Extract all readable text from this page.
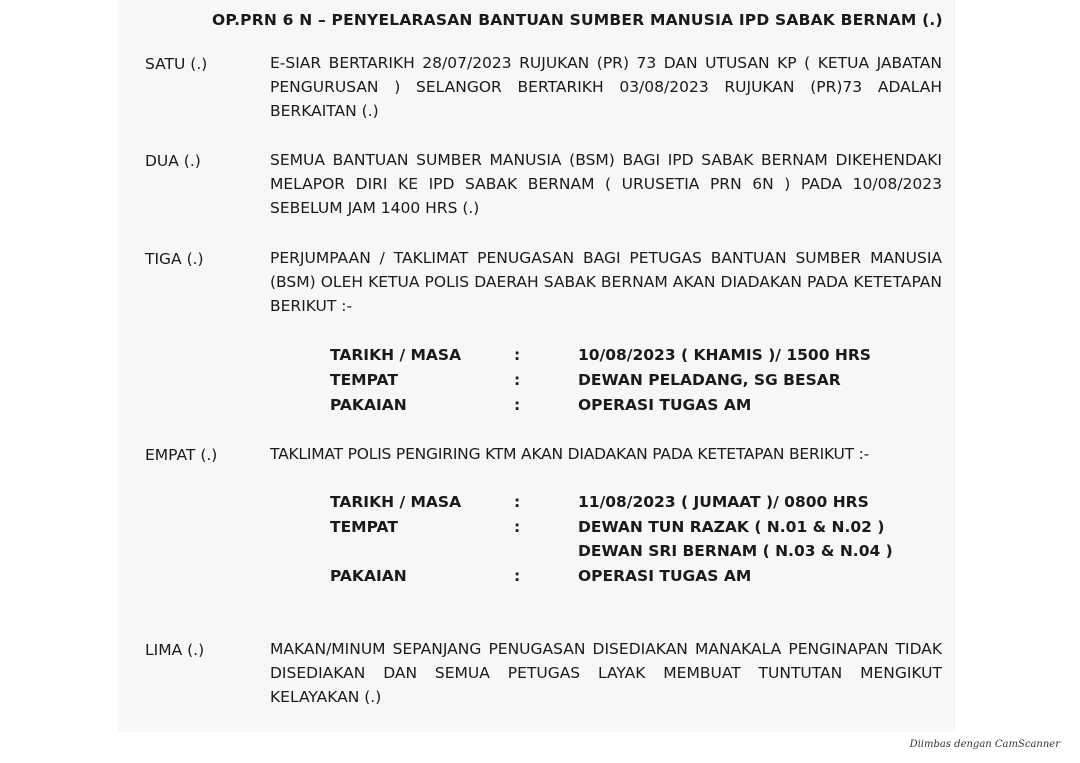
OP.PRN 6 N – PENYELARASAN BANTUAN SUMBER MANUSIA IPD SABAK BERNAM (.)
SATU (.)	E-SIAR BERTARIKH 28/07/2023 RUJUKAN (PR) 73 DAN UTUSAN KP ( KETUA JABATAN PENGURUSAN ) SELANGOR BERTARIKH 03/08/2023 RUJUKAN (PR)73 ADALAH BERKAITAN (.)
DUA (.)	SEMUA BANTUAN SUMBER MANUSIA (BSM) BAGI IPD SABAK BERNAM DIKEHENDAKI MELAPOR DIRI KE IPD SABAK BERNAM ( URUSETIA PRN 6N ) PADA 10/08/2023 SEBELUM JAM 1400 HRS (.)
TIGA (.)	PERJUMPAAN / TAKLIMAT PENUGASAN BAGI PETUGAS BANTUAN SUMBER MANUSIA (BSM) OLEH KETUA POLIS DAERAH SABAK BERNAM AKAN DIADAKAN PADA KETETAPAN BERIKUT :-
TARIKH / MASA	:	10/08/2023 ( KHAMIS )/ 1500 HRS
TEMPAT	:	DEWAN PELADANG, SG BESAR
PAKAIAN	:	OPERASI TUGAS AM
EMPAT (.)	TAKLIMAT POLIS PENGIRING KTM AKAN DIADAKAN PADA KETETAPAN BERIKUT :-
TARIKH / MASA	:	11/08/2023 ( JUMAAT )/ 0800 HRS
TEMPAT	:	DEWAN TUN RAZAK ( N.01 & N.02 )
DEWAN SRI BERNAM ( N.03 & N.04 )
PAKAIAN	:	OPERASI TUGAS AM
LIMA (.)	MAKAN/MINUM SEPANJANG PENUGASAN DISEDIAKAN MANAKALA PENGINAPAN TIDAK DISEDIAKAN DAN SEMUA PETUGAS LAYAK MEMBUAT TUNTUTAN MENGIKUT KELAYAKAN (.)
Diimbas dengan CamScanner
